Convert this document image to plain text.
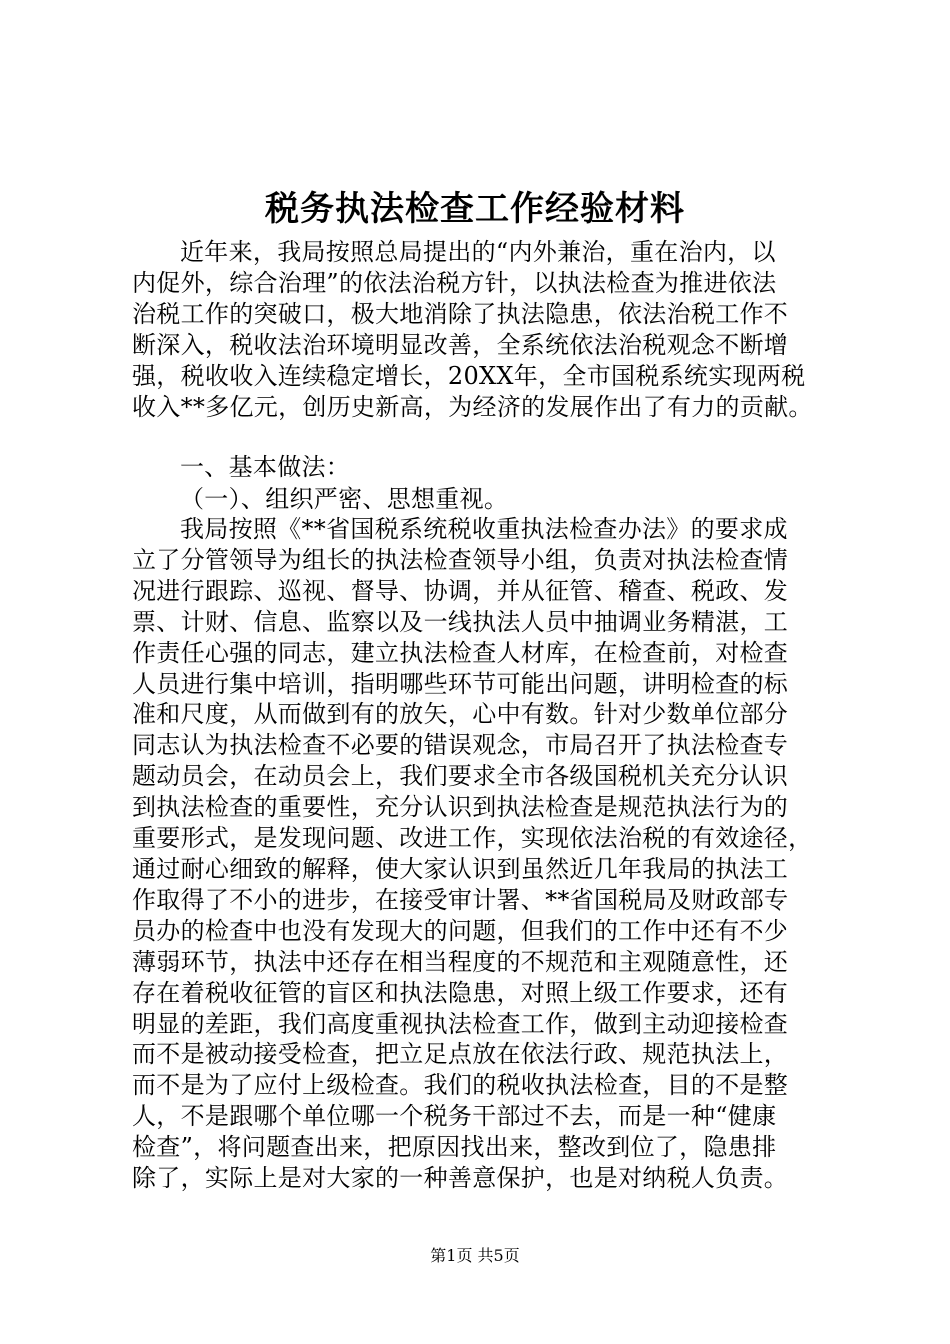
税务执法检查工作经验材料
近年来，我局按照总局提出的“内外兼治，重在治内，以
内促外，综合治理”的依法治税方针，以执法检查为推进依法
治税工作的突破口，极大地消除了执法隐患，依法治税工作不
断深入，税收法治环境明显改善，全系统依法治税观念不断增
强，税收收入连续稳定增长，20XX年，全市国税系统实现两税
收入**多亿元，创历史新高，为经济的发展作出了有力的贡献。
一、基本做法：
（一）、组织严密、思想重视。
我局按照《**省国税系统税收重执法检查办法》的要求成
立了分管领导为组长的执法检查领导小组，负责对执法检查情
况进行跟踪、巡视、督导、协调，并从征管、稽查、税政、发
票、计财、信息、监察以及一线执法人员中抽调业务精湛，工
作责任心强的同志，建立执法检查人材库，在检查前，对检查
人员进行集中培训，指明哪些环节可能出问题，讲明检查的标
准和尺度，从而做到有的放矢，心中有数。针对少数单位部分
同志认为执法检查不必要的错误观念，市局召开了执法检查专
题动员会，在动员会上，我们要求全市各级国税机关充分认识
到执法检查的重要性，充分认识到执法检查是规范执法行为的
重要形式，是发现问题、改进工作，实现依法治税的有效途径，
通过耐心细致的解释，使大家认识到虽然近几年我局的执法工
作取得了不小的进步，在接受审计署、**省国税局及财政部专
员办的检查中也没有发现大的问题，但我们的工作中还有不少
薄弱环节，执法中还存在相当程度的不规范和主观随意性，还
存在着税收征管的盲区和执法隐患，对照上级工作要求，还有
明显的差距，我们高度重视执法检查工作，做到主动迎接检查
而不是被动接受检查，把立足点放在依法行政、规范执法上，
而不是为了应付上级检查。我们的税收执法检查，目的不是整
人，不是跟哪个单位哪一个税务干部过不去，而是一种“健康
检查”，将问题查出来，把原因找出来，整改到位了，隐患排
除了，实际上是对大家的一种善意保护，也是对纳税人负责。
第1页 共5页
